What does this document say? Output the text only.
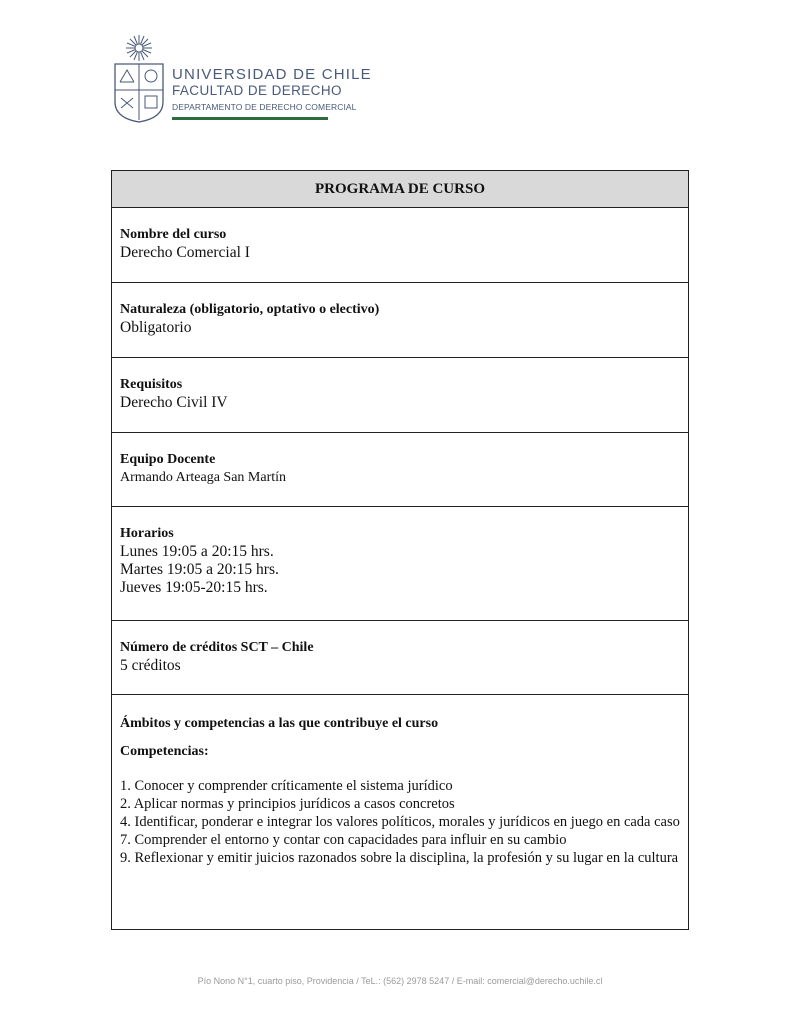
UNIVERSIDAD DE CHILE
FACULTAD DE DERECHO
DEPARTAMENTO DE DERECHO COMERCIAL
PROGRAMA DE CURSO

Nombre del curso
Derecho Comercial I

Naturaleza (obligatorio, optativo o electivo)
Obligatorio

Requisitos
Derecho Civil IV

Equipo Docente
Armando Arteaga San Martín

Horarios
Lunes 19:05 a 20:15 hrs.
Martes 19:05 a 20:15 hrs.
Jueves 19:05-20:15 hrs.

Número de créditos SCT – Chile
5 créditos

Ámbitos y competencias a las que contribuye el curso
Competencias:

1. Conocer y comprender críticamente el sistema jurídico

2. Aplicar normas y principios jurídicos a casos concretos

4. Identificar, ponderar e integrar los valores políticos, morales y jurídicos en juego en cada caso

7. Comprender el entorno y contar con capacidades para influir en su cambio

9. Reflexionar y emitir juicios razonados sobre la disciplina, la profesión y su lugar en la cultura

Pío Nono N°1, cuarto piso, Providencia / TeL.: (562) 2978 5247 / E-mail: comercial@derecho.uchile.cl
